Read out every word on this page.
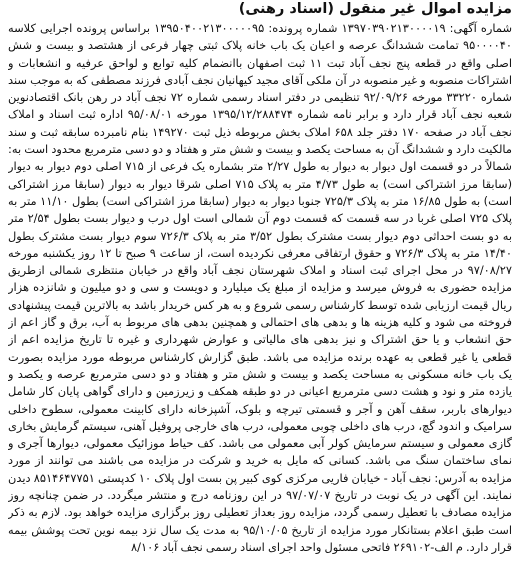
مزایده اموال غیر منقول (اسناد رهنی)

شماره آگهی: ۱۳۹۷۰۳۹۰۲۱۳۰۰۰۰۱۹ شماره پرونده: ۱۳۹۵۰۴۰۰۲۱۳۰۰۰۰۰۹۵ براساس پرونده اجرایی کلاسه ۹۵۰۰۰۰۴۰ تمامت ششدانگ عرصه و اعیان یک باب خانه پلاک ثبتی چهار فرعی از هشتصد و بیست و شش اصلی واقع در قطعه پنج نجف آباد تبت ۱۱ ثبت اصفهان باانضمام کلیه توابع و لواحق عرفیه و انشعابات و اشتراکات منصوبه و غیر منصوبه در آن ملکی آقای مجید کیهانیان نجف آبادی فرزند مصطفی که به موجب سند شماره ۳۳۲۲۰ مورخه ۹۲/۰۹/۲۶ تنظیمی در دفتر اسناد رسمی شماره ۷۲ نجف آباد در رهن بانک اقتصادنوین شعبه نجف آباد قرار دارد و برابر نامه شماره ۱۳۹۵/۱۲/۲۸۸۴۷۴ مورخه ۹۵/۰۸/۰۱ اداره ثبت اسناد و املاک نجف آباد در صفحه ۱۷۰ دفتر جلد ۶۵۸ املاک بخش مربوطه ذیل ثبت ۱۴۹۲۷۰ بنام نامبرده سابقه ثبت و سند مالکیت دارد و ششدانگ آن به مساحت یکصد و بیست و شش متر و هفتاد و دو دسی مترمربع محدود است به: شمالاً در دو قسمت اول دیوار به دیوار به طول ۲/۲۷ متر بشماره یک فرعی از ۷۱۵ اصلی دوم دیوار به دیوار (سابقا مرز اشتراکی است) به طول ۴/۷۳ متر به پلاک ۷۱۵ اصلی شرقا دیوار به دیوار (سابقا مرز اشتراکی است) به طول ۱۶/۸۵ متر به پلاک ۷۲۵/۳ جنوبا دیوار به دیوار (سابقا مرز اشتراکی است) بطول ۱۱/۱۰ متر به پلاک ۷۲۵ اصلی غربا در سه قسمت که قسمت دوم آن شمالی است اول درب و دیوار بست بطول ۲/۵۴ متر به دو بست احداثی دوم دیوار بست مشترک بطول ۳/۵۲ متر به پلاک ۷۲۶/۳ سوم دیوار بست مشترک بطول ۱۴/۴۰ متر به پلاک ۷۲۶/۳ و حقوق ارتفاقی معرفی نکردیده است، از ساعت ۹ صبح تا ۱۲ روز یکشنبه مورخه ۹۷/۰۸/۲۷ در محل اجرای ثبت اسناد و املاک شهرستان نجف آباد واقع در خیابان منتظری شمالی ازطریق مزایده حضوری به فروش میرسد و مزایده از مبلغ یک میلیارد و دویست و سی و دو میلیون و شانزده هزار ریال قیمت ارزیابی شده توسط کارشناس رسمی شروع و به هر کس خریدار باشد به بالاترین قیمت پیشنهادی فروخته می شود و کلیه هزینه ها و بدهی های احتمالی و همچنین بدهی های مربوط به آب، برق و گاز اعم از حق انشعاب و یا حق اشتراک و نیز بدهی های مالیاتی و عوارض شهرداری و غیره تا تاریخ مزایده اعم از قطعی یا غیر قطعی به عهده برنده مزایده می باشد. طبق گزارش کارشناس مربوطه مورد مزایده بصورت یک باب خانه مسکونی به مساحت یکصد و بیست و شش متر و هفتاد و دو دسی مترمربع عرصه و یکصد و یازده متر و نود و هشت دسی مترمربع اعیانی در دو طبقه همکف و زیرزمین و دارای گواهی پایان کار شامل دیوارهای باربر، سقف آهن و آجر و قسمتی تیرچه و بلوک، آشپزخانه دارای کابینت معمولی، سطوح داخلی سرامیک و اندود گچ، درب های داخلی چوبی معمولی، درب های خارجی پروفیل آهنی، سیستم گرمایش بخاری گازی معمولی و سیستم سرمایش کولر آبی معمولی می باشد. کف حیاط موزائیک معمولی، دیوارها آجری و نمای ساختمان سنگ می باشد. کسانی که مایل به خرید و شرکت در مزایده می باشند می توانند از مورد مزایده به آدرس: نجف آباد - خیابان فاریی مرکزی کوی کبیر پن بست اول پلاک ۱۰ کدپستی ۸۵۱۴۶۴۷۷۵۱ دیدن نمایند. این آگهی در یک نوبت در تاریخ ۹۷/۰۷/۰۷ در این روزنامه درج و منتشر میگردد. در ضمن چنانچه روز مزایده مصادف با تعطیل رسمی گردد، مزایده روز بعداز تعطیلی روز برگزاری مزایده خواهد بود. لازم به ذکر است طبق اعلام بستانکار مورد مزایده از تاریخ ۹۵/۱۰/۰۵ به مدت یک سال نزد بیمه نوین تحت پوشش بیمه قرار دارد. م الف-۲۶۹۱۰۲ فاتحی مسئول واحد اجرای اسناد رسمی نجف آباد ۸/۱۰۶
